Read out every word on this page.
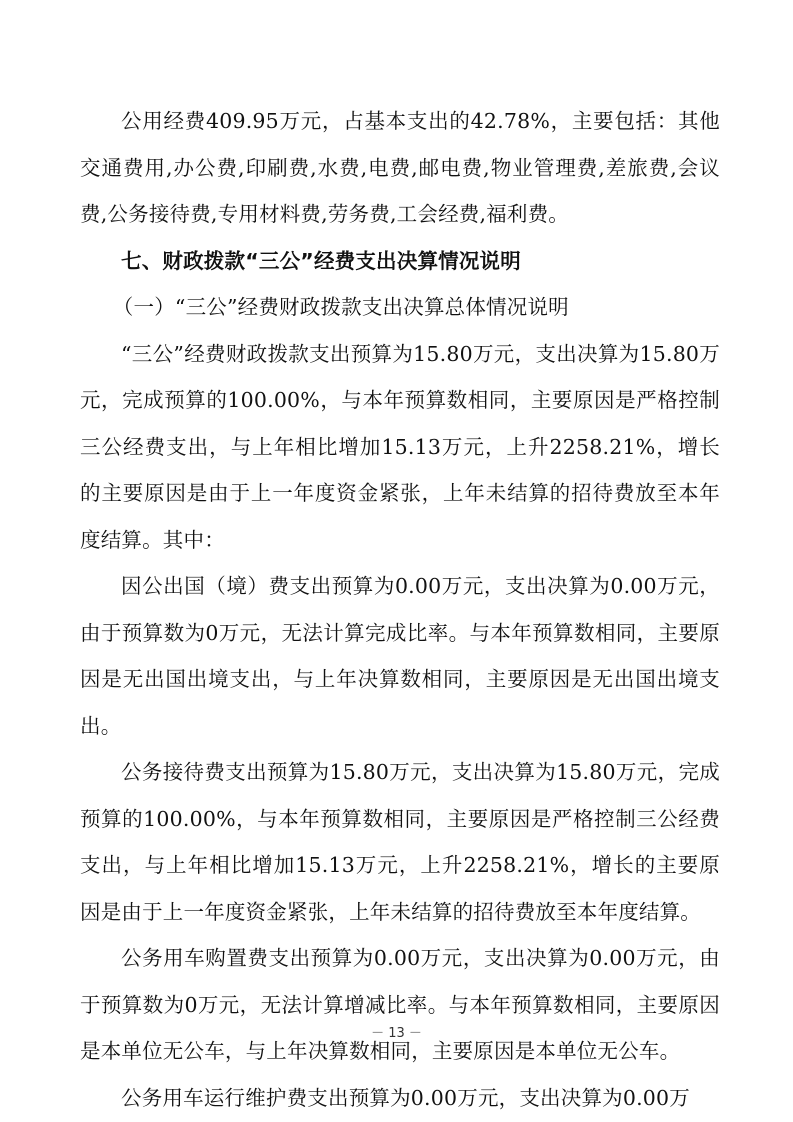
公用经费409.95万元，占基本支出的42.78%，主要包括：其他交通费用,办公费,印刷费,水费,电费,邮电费,物业管理费,差旅费,会议费,公务接待费,专用材料费,劳务费,工会经费,福利费。

七、财政拨款“三公”经费支出决算情况说明

（一）“三公”经费财政拨款支出决算总体情况说明

“三公”经费财政拨款支出预算为15.80万元，支出决算为15.80万元，完成预算的100.00%，与本年预算数相同，主要原因是严格控制三公经费支出，与上年相比增加15.13万元，上升2258.21%，增长的主要原因是由于上一年度资金紧张，上年未结算的招待费放至本年度结算。其中：

因公出国（境）费支出预算为0.00万元，支出决算为0.00万元，由于预算数为0万元，无法计算完成比率。与本年预算数相同，主要原因是无出国出境支出，与上年决算数相同，主要原因是无出国出境支出。

公务接待费支出预算为15.80万元，支出决算为15.80万元，完成预算的100.00%，与本年预算数相同，主要原因是严格控制三公经费支出，与上年相比增加15.13万元，上升2258.21%，增长的主要原因是由于上一年度资金紧张，上年未结算的招待费放至本年度结算。

公务用车购置费支出预算为0.00万元，支出决算为0.00万元，由于预算数为0万元，无法计算增减比率。与本年预算数相同，主要原因是本单位无公车，与上年决算数相同，主要原因是本单位无公车。

公务用车运行维护费支出预算为0.00万元，支出决算为0.00万

－ 13 －
